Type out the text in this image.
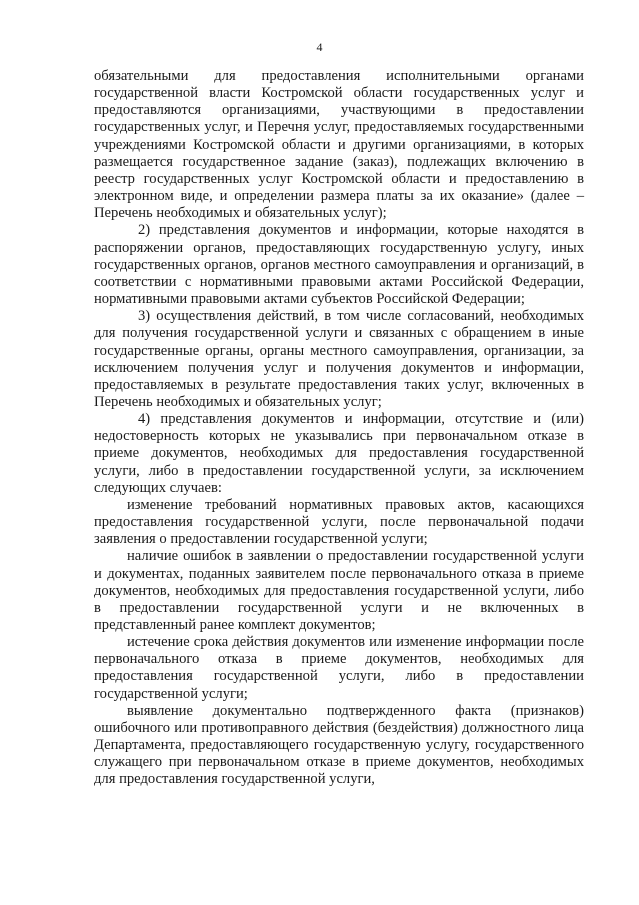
4

обязательными для предоставления исполнительными органами государственной власти Костромской области государственных услуг и предоставляются организациями, участвующими в предоставлении государственных услуг, и Перечня услуг, предоставляемых государственными учреждениями Костромской области и другими организациями, в которых размещается государственное задание (заказ), подлежащих включению в реестр государственных услуг Костромской области и предоставлению в электронном виде, и определении размера платы за их оказание» (далее – Перечень необходимых и обязательных услуг);

2) представления документов и информации, которые находятся в распоряжении органов, предоставляющих государственную услугу, иных государственных органов, органов местного самоуправления и организаций, в соответствии с нормативными правовыми актами Российской Федерации, нормативными правовыми актами субъектов Российской Федерации;

3) осуществления действий, в том числе согласований, необходимых для получения государственной услуги и связанных с обращением в иные государственные органы, органы местного самоуправления, организации, за исключением получения услуг и получения документов и информации, предоставляемых в результате предоставления таких услуг, включенных в Перечень необходимых и обязательных услуг;

4) представления документов и информации, отсутствие и (или) недостоверность которых не указывались при первоначальном отказе в приеме документов, необходимых для предоставления государственной услуги, либо в предоставлении государственной услуги, за исключением следующих случаев:

изменение требований нормативных правовых актов, касающихся предоставления государственной услуги, после первоначальной подачи заявления о предоставлении государственной услуги;

наличие ошибок в заявлении о предоставлении государственной услуги и документах, поданных заявителем после первоначального отказа в приеме документов, необходимых для предоставления государственной услуги, либо в предоставлении государственной услуги и не включенных в представленный ранее комплект документов;

истечение срока действия документов или изменение информации после первоначального отказа в приеме документов, необходимых для предоставления государственной услуги, либо в предоставлении государственной услуги;

выявление документально подтвержденного факта (признаков) ошибочного или противоправного действия (бездействия) должностного лица Департамента, предоставляющего государственную услугу, государственного служащего при первоначальном отказе в приеме документов, необходимых для предоставления государственной услуги,
